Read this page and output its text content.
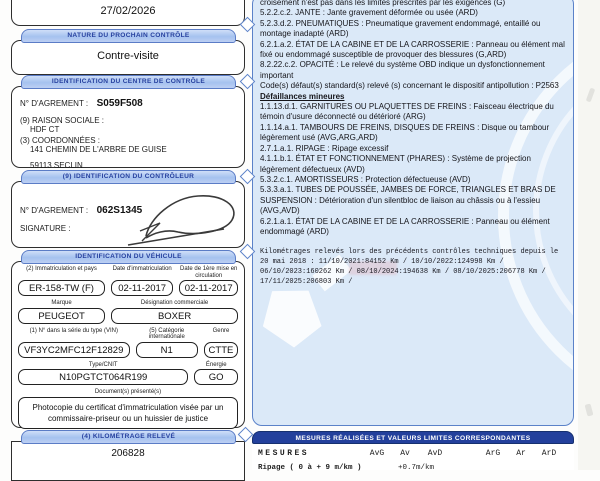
croisement n'est pas dans les limites prescrites par les exigences (G)

5.2.2.c.2. JANTE : Jante gravement déformée ou usée (ARD)

5.2.3.d.2. PNEUMATIQUES : Pneumatique gravement endommagé, entaillé ou montage inadapté (ARD)

6.2.1.a.2. ÉTAT DE LA CABINE ET DE LA CARROSSERIE : Panneau ou élément mal fixé ou endommagé susceptible de provoquer des blessures (G,ARD)

8.2.22.c.2. OPACITÉ : Le relevé du système OBD indique un dysfonctionnement important

Code(s) défaut(s) standard(s) relevé (s) concernant le dispositif antipollution : P2563

Défaillances mineures

1.1.13.d.1. GARNITURES OU PLAQUETTES DE FREINS : Faisceau électrique du témoin d'usure déconnecté ou détérioré (ARG)

1.1.14.a.1. TAMBOURS DE FREINS, DISQUES DE FREINS : Disque ou tambour légèrement usé (AVG,ARG,ARD)

2.7.1.a.1. RIPAGE : Ripage excessif

4.1.1.b.1. ÉTAT ET FONCTIONNEMENT (PHARES) : Système de projection légèrement défectueux (AVD)

5.3.2.c.1. AMORTISSEURS : Protection défectueuse (AVD)

5.3.3.a.1. TUBES DE POUSSÉE, JAMBES DE FORCE, TRIANGLES ET BRAS DE SUSPENSION : Détérioration d'un silentbloc de liaison au châssis ou à l'essieu (AVG,AVD)

6.2.1.a.1. ÉTAT DE LA CABINE ET DE LA CARROSSERIE : Panneau ou élément endommagé (ARD)

Kilométrages relevés lors des précédents contrôles techniques depuis le 20 mai 2018 : 11/10/2021:84152 Km / 10/10/2022:124998 Km / 06/10/2023:160262 Km / 08/10/2024:194638 Km / 08/10/2025:206778 Km / 17/11/2025:206803 Km /

27/02/2026
NATURE DU PROCHAIN CONTRÔLE
Contre-visite
IDENTIFICATION DU CENTRE DE CONTRÔLE
N° D'AGREMENT : S059F508
(9) RAISON SOCIALE :
HDF CT
(3) COORDONNÉES :
141 CHEMIN DE L'ARBRE DE GUISE
59113 SECLIN
(9) IDENTIFICATION DU CONTRÔLEUR
N° D'AGREMENT : 062S1345
SIGNATURE :
IDENTIFICATION DU VÉHICULE
(2) Immatriculation et pays	Date d'immatriculation Date de 1ère mise en circulation
ER-158-TW (F)	02-11-2017	02-11-2017
Marque	Désignation commerciale
PEUGEOT	BOXER
(1) N° dans la série du type (VIN)	(5) Catégorie internationale
Genre
VF3YC2MFC12F12829	N1	CTTE
Type/CNIT	Énergie
N10PGTCT064R199	GO
Document(s) présenté(s)
Photocopie du certificat d'immatriculation visée par un commissaire-priseur ou un huissier de justice
(4) KILOMÉTRAGE RELEVÉ
206828
MESURES RÉALISÉES ET VALEURS LIMITES CORRESPONDANTES
MESURES	AvG	Av	AvD	ArG	Ar	ArD
Ripage ( 0 à + 9 m/km )	+0.7m/km
